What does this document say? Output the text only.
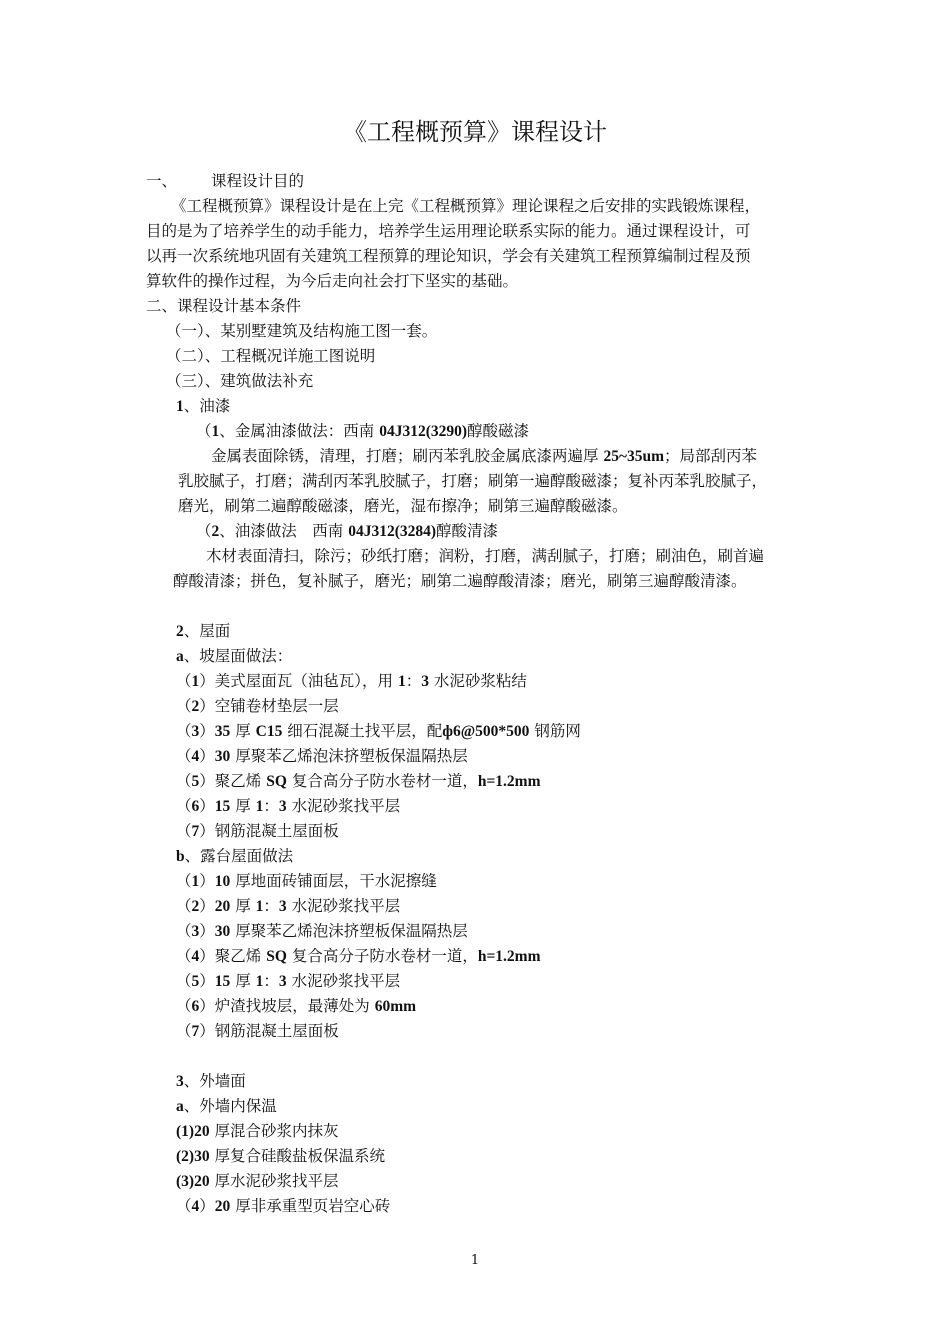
《工程概预算》课程设计
一、 课程设计目的
《工程概预算》课程设计是在上完《工程概预算》理论课程之后安排的实践锻炼课程，
目的是为了培养学生的动手能力，培养学生运用理论联系实际的能力。通过课程设计，可
以再一次系统地巩固有关建筑工程预算的理论知识，学会有关建筑工程预算编制过程及预
算软件的操作过程，为今后走向社会打下坚实的基础。
二、课程设计基本条件
（一）、某别墅建筑及结构施工图一套。
（二）、工程概况详施工图说明
（三）、建筑做法补充
1、油漆
（1、金属油漆做法：西南 04J312(3290)醇酸磁漆
金属表面除锈，清理，打磨；刷丙苯乳胶金属底漆两遍厚 25~35um；局部刮丙苯
乳胶腻子，打磨；满刮丙苯乳胶腻子，打磨；刷第一遍醇酸磁漆；复补丙苯乳胶腻子，
磨光，刷第二遍醇酸磁漆，磨光，湿布擦净；刷第三遍醇酸磁漆。
（2、油漆做法　西南 04J312(3284)醇酸清漆
木材表面清扫，除污；砂纸打磨；润粉，打磨，满刮腻子，打磨；刷油色，刷首遍
醇酸清漆；拼色，复补腻子，磨光；刷第二遍醇酸清漆；磨光，刷第三遍醇酸清漆。
2、屋面
a、坡屋面做法：
（1）美式屋面瓦（油毡瓦），用 1：3 水泥砂浆粘结
（2）空铺卷材垫层一层
（3）35 厚 C15 细石混凝土找平层，配ф6@500*500 钢筋网
（4）30 厚聚苯乙烯泡沫挤塑板保温隔热层
（5）聚乙烯 SQ 复合高分子防水卷材一道，h=1.2mm
（6）15 厚 1：3 水泥砂浆找平层
（7）钢筋混凝土屋面板
b、露台屋面做法
（1）10 厚地面砖铺面层，干水泥擦缝
（2）20 厚 1：3 水泥砂浆找平层
（3）30 厚聚苯乙烯泡沫挤塑板保温隔热层
（4）聚乙烯 SQ 复合高分子防水卷材一道，h=1.2mm
（5）15 厚 1：3 水泥砂浆找平层
（6）炉渣找坡层，最薄处为 60mm
（7）钢筋混凝土屋面板
3、外墙面
a、外墙内保温
(1)20 厚混合砂浆内抹灰
(2)30 厚复合硅酸盐板保温系统
(3)20 厚水泥砂浆找平层
（4）20 厚非承重型页岩空心砖
1
